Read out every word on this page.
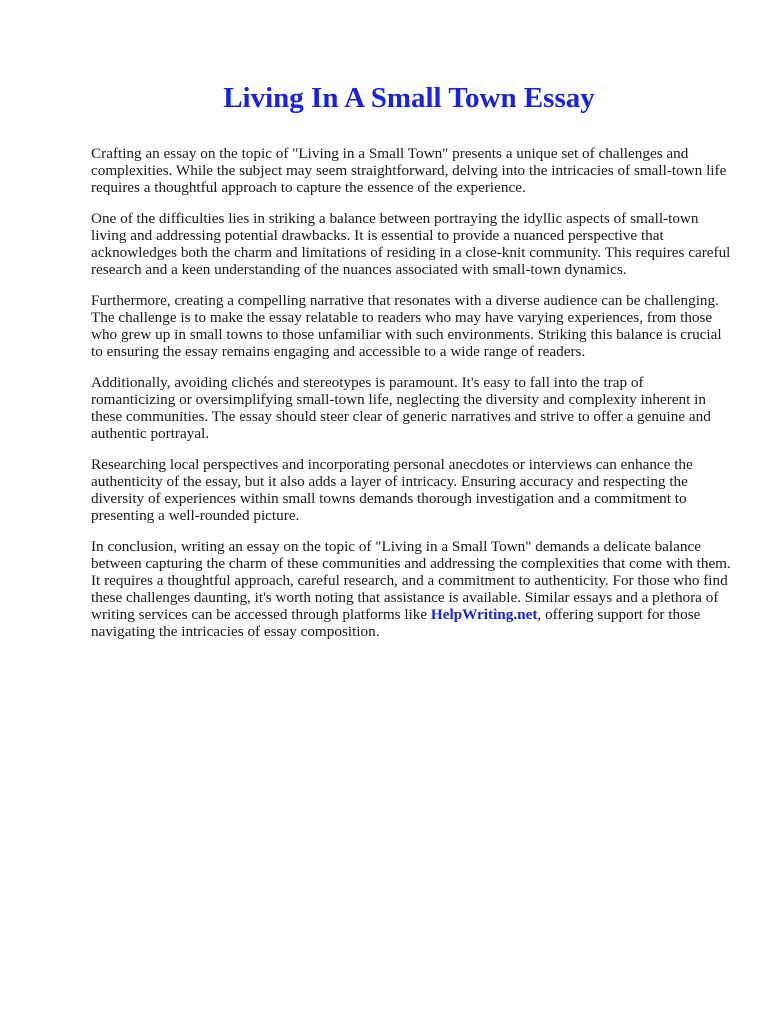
Living In A Small Town Essay

Crafting an essay on the topic of "Living in a Small Town" presents a unique set of challenges and complexities. While the subject may seem straightforward, delving into the intricacies of small-town life requires a thoughtful approach to capture the essence of the experience.

One of the difficulties lies in striking a balance between portraying the idyllic aspects of small-town living and addressing potential drawbacks. It is essential to provide a nuanced perspective that acknowledges both the charm and limitations of residing in a close-knit community. This requires careful research and a keen understanding of the nuances associated with small-town dynamics.

Furthermore, creating a compelling narrative that resonates with a diverse audience can be challenging. The challenge is to make the essay relatable to readers who may have varying experiences, from those who grew up in small towns to those unfamiliar with such environments. Striking this balance is crucial to ensuring the essay remains engaging and accessible to a wide range of readers.

Additionally, avoiding clichés and stereotypes is paramount. It's easy to fall into the trap of romanticizing or oversimplifying small-town life, neglecting the diversity and complexity inherent in these communities. The essay should steer clear of generic narratives and strive to offer a genuine and authentic portrayal.

Researching local perspectives and incorporating personal anecdotes or interviews can enhance the authenticity of the essay, but it also adds a layer of intricacy. Ensuring accuracy and respecting the diversity of experiences within small towns demands thorough investigation and a commitment to presenting a well-rounded picture.

In conclusion, writing an essay on the topic of "Living in a Small Town" demands a delicate balance between capturing the charm of these communities and addressing the complexities that come with them. It requires a thoughtful approach, careful research, and a commitment to authenticity. For those who find these challenges daunting, it's worth noting that assistance is available. Similar essays and a plethora of writing services can be accessed through platforms like HelpWriting.net, offering support for those navigating the intricacies of essay composition.
